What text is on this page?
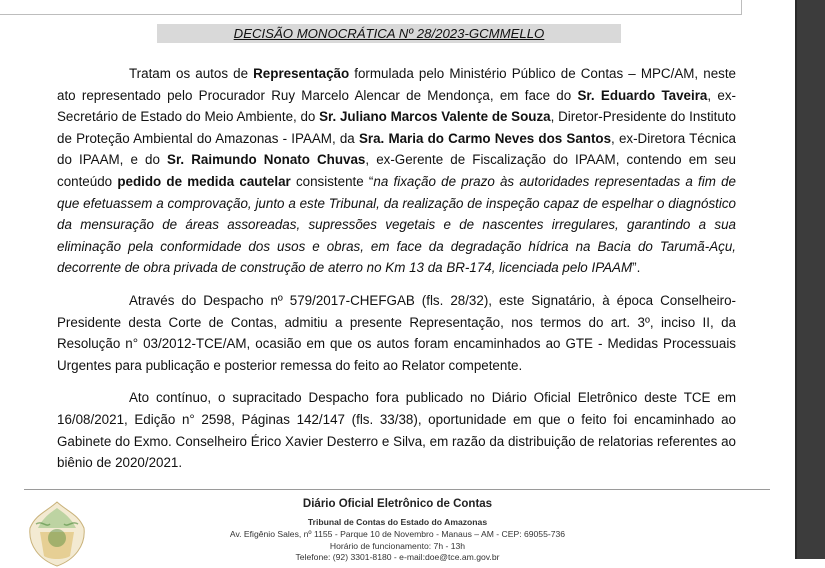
DECISÃO MONOCRÁTICA Nº 28/2023-GCMMELLO

Tratam os autos de Representação formulada pelo Ministério Público de Contas – MPC/AM, neste ato representado pelo Procurador Ruy Marcelo Alencar de Mendonça, em face do Sr. Eduardo Taveira, ex-Secretário de Estado do Meio Ambiente, do Sr. Juliano Marcos Valente de Souza, Diretor-Presidente do Instituto de Proteção Ambiental do Amazonas - IPAAM, da Sra. Maria do Carmo Neves dos Santos, ex-Diretora Técnica do IPAAM, e do Sr. Raimundo Nonato Chuvas, ex-Gerente de Fiscalização do IPAAM, contendo em seu conteúdo pedido de medida cautelar consistente “na fixação de prazo às autoridades representadas a fim de que efetuassem a comprovação, junto a este Tribunal, da realização de inspeção capaz de espelhar o diagnóstico da mensuração de áreas assoreadas, supressões vegetais e de nascentes irregulares, garantindo a sua eliminação pela conformidade dos usos e obras, em face da degradação hídrica na Bacia do Tarumã-Açu, decorrente de obra privada de construção de aterro no Km 13 da BR-174, licenciada pelo IPAAM”.

Através do Despacho nº 579/2017-CHEFGAB (fls. 28/32), este Signatário, à época Conselheiro-Presidente desta Corte de Contas, admitiu a presente Representação, nos termos do art. 3º, inciso II, da Resolução n° 03/2012-TCE/AM, ocasião em que os autos foram encaminhados ao GTE - Medidas Processuais Urgentes para publicação e posterior remessa do feito ao Relator competente.

Ato contínuo, o supracitado Despacho fora publicado no Diário Oficial Eletrônico deste TCE em 16/08/2021, Edição n° 2598, Páginas 142/147 (fls. 33/38), oportunidade em que o feito foi encaminhado ao Gabinete do Exmo. Conselheiro Érico Xavier Desterro e Silva, em razão da distribuição de relatorias referentes ao biênio de 2020/2021.

Diário Oficial Eletrônico de Contas
Tribunal de Contas do Estado do Amazonas
Av. Efigênio Sales, nº 1155 - Parque 10 de Novembro - Manaus – AM - CEP: 69055-736
Horário de funcionamento: 7h - 13h
Telefone: (92) 3301-8180 - e-mail:doe@tce.am.gov.br
